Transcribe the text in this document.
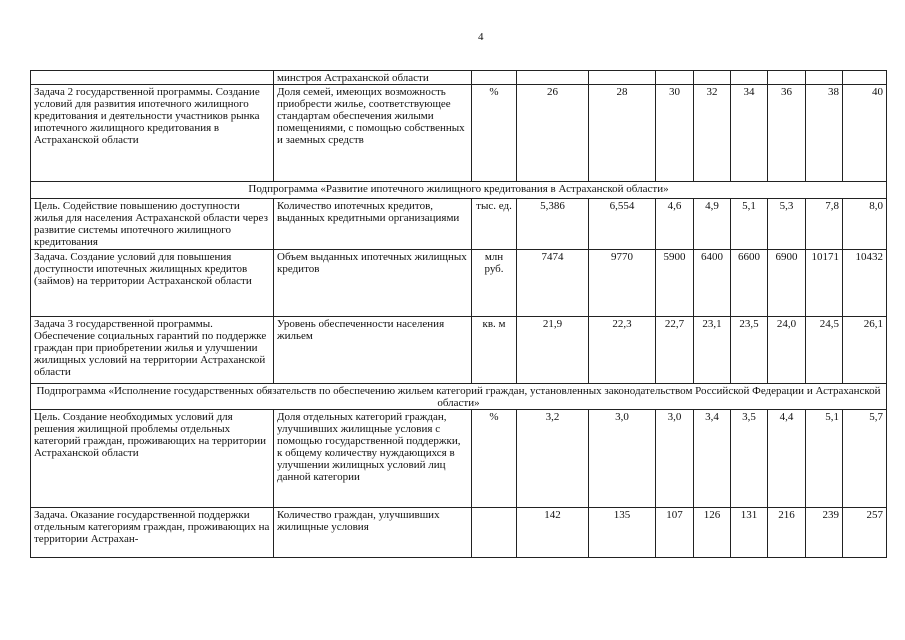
4
	минстроя Астраханской области									
Задача 2 государственной программы. Создание условий для развития ипотечного жилищного кредитования и деятельности участников рынка ипотечного жилищного кредитования в Астраханской области	Доля семей, имеющих возможность приобрести жилье, соответствующее стандартам обеспечения жилыми помещениями, с помощью собственных и заемных средств	%	26	28	30	32	34	36	38	40
Подпрограмма «Развитие ипотечного жилищного кредитования в Астраханской области»										
Цель. Содействие повышению доступности жилья для населения Астраханской области через развитие системы ипотечного жилищного кредитования	Количество ипотечных кредитов, выданных кредитными организациями	тыс. ед.	5,386	6,554	4,6	4,9	5,1	5,3	7,8	8,0
Задача. Создание условий для повышения доступности ипотечных жилищных кредитов (займов) на территории Астраханской области	Объем выданных ипотечных жилищных кредитов	млн руб.	7474	9770	5900	6400	6600	6900	10171	10432
Задача 3 государственной программы. Обеспечение социальных гарантий по поддержке граждан при приобретении жилья и улучшении жилищных условий на территории Астраханской области	Уровень обеспеченности населения жильем	кв. м	21,9	22,3	22,7	23,1	23,5	24,0	24,5	26,1
Подпрограмма «Исполнение государственных обязательств по обеспечению жильем категорий граждан, установленных законодательством Российской Федерации и Астраханской области»										
Цель. Создание необходимых условий для решения жилищной проблемы отдельных категорий граждан, проживающих на территории Астраханской области	Доля отдельных категорий граждан, улучшивших жилищные условия с помощью государственной поддержки, к общему количеству нуждающихся в улучшении жилищных условий лиц данной категории	%	3,2	3,0	3,0	3,4	3,5	4,4	5,1	5,7
Задача. Оказание государственной поддержки отдельным категориям граждан, проживающих на территории Астрахан-	Количество граждан, улучшивших жилищные условия		142	135	107	126	131	216	239	257
